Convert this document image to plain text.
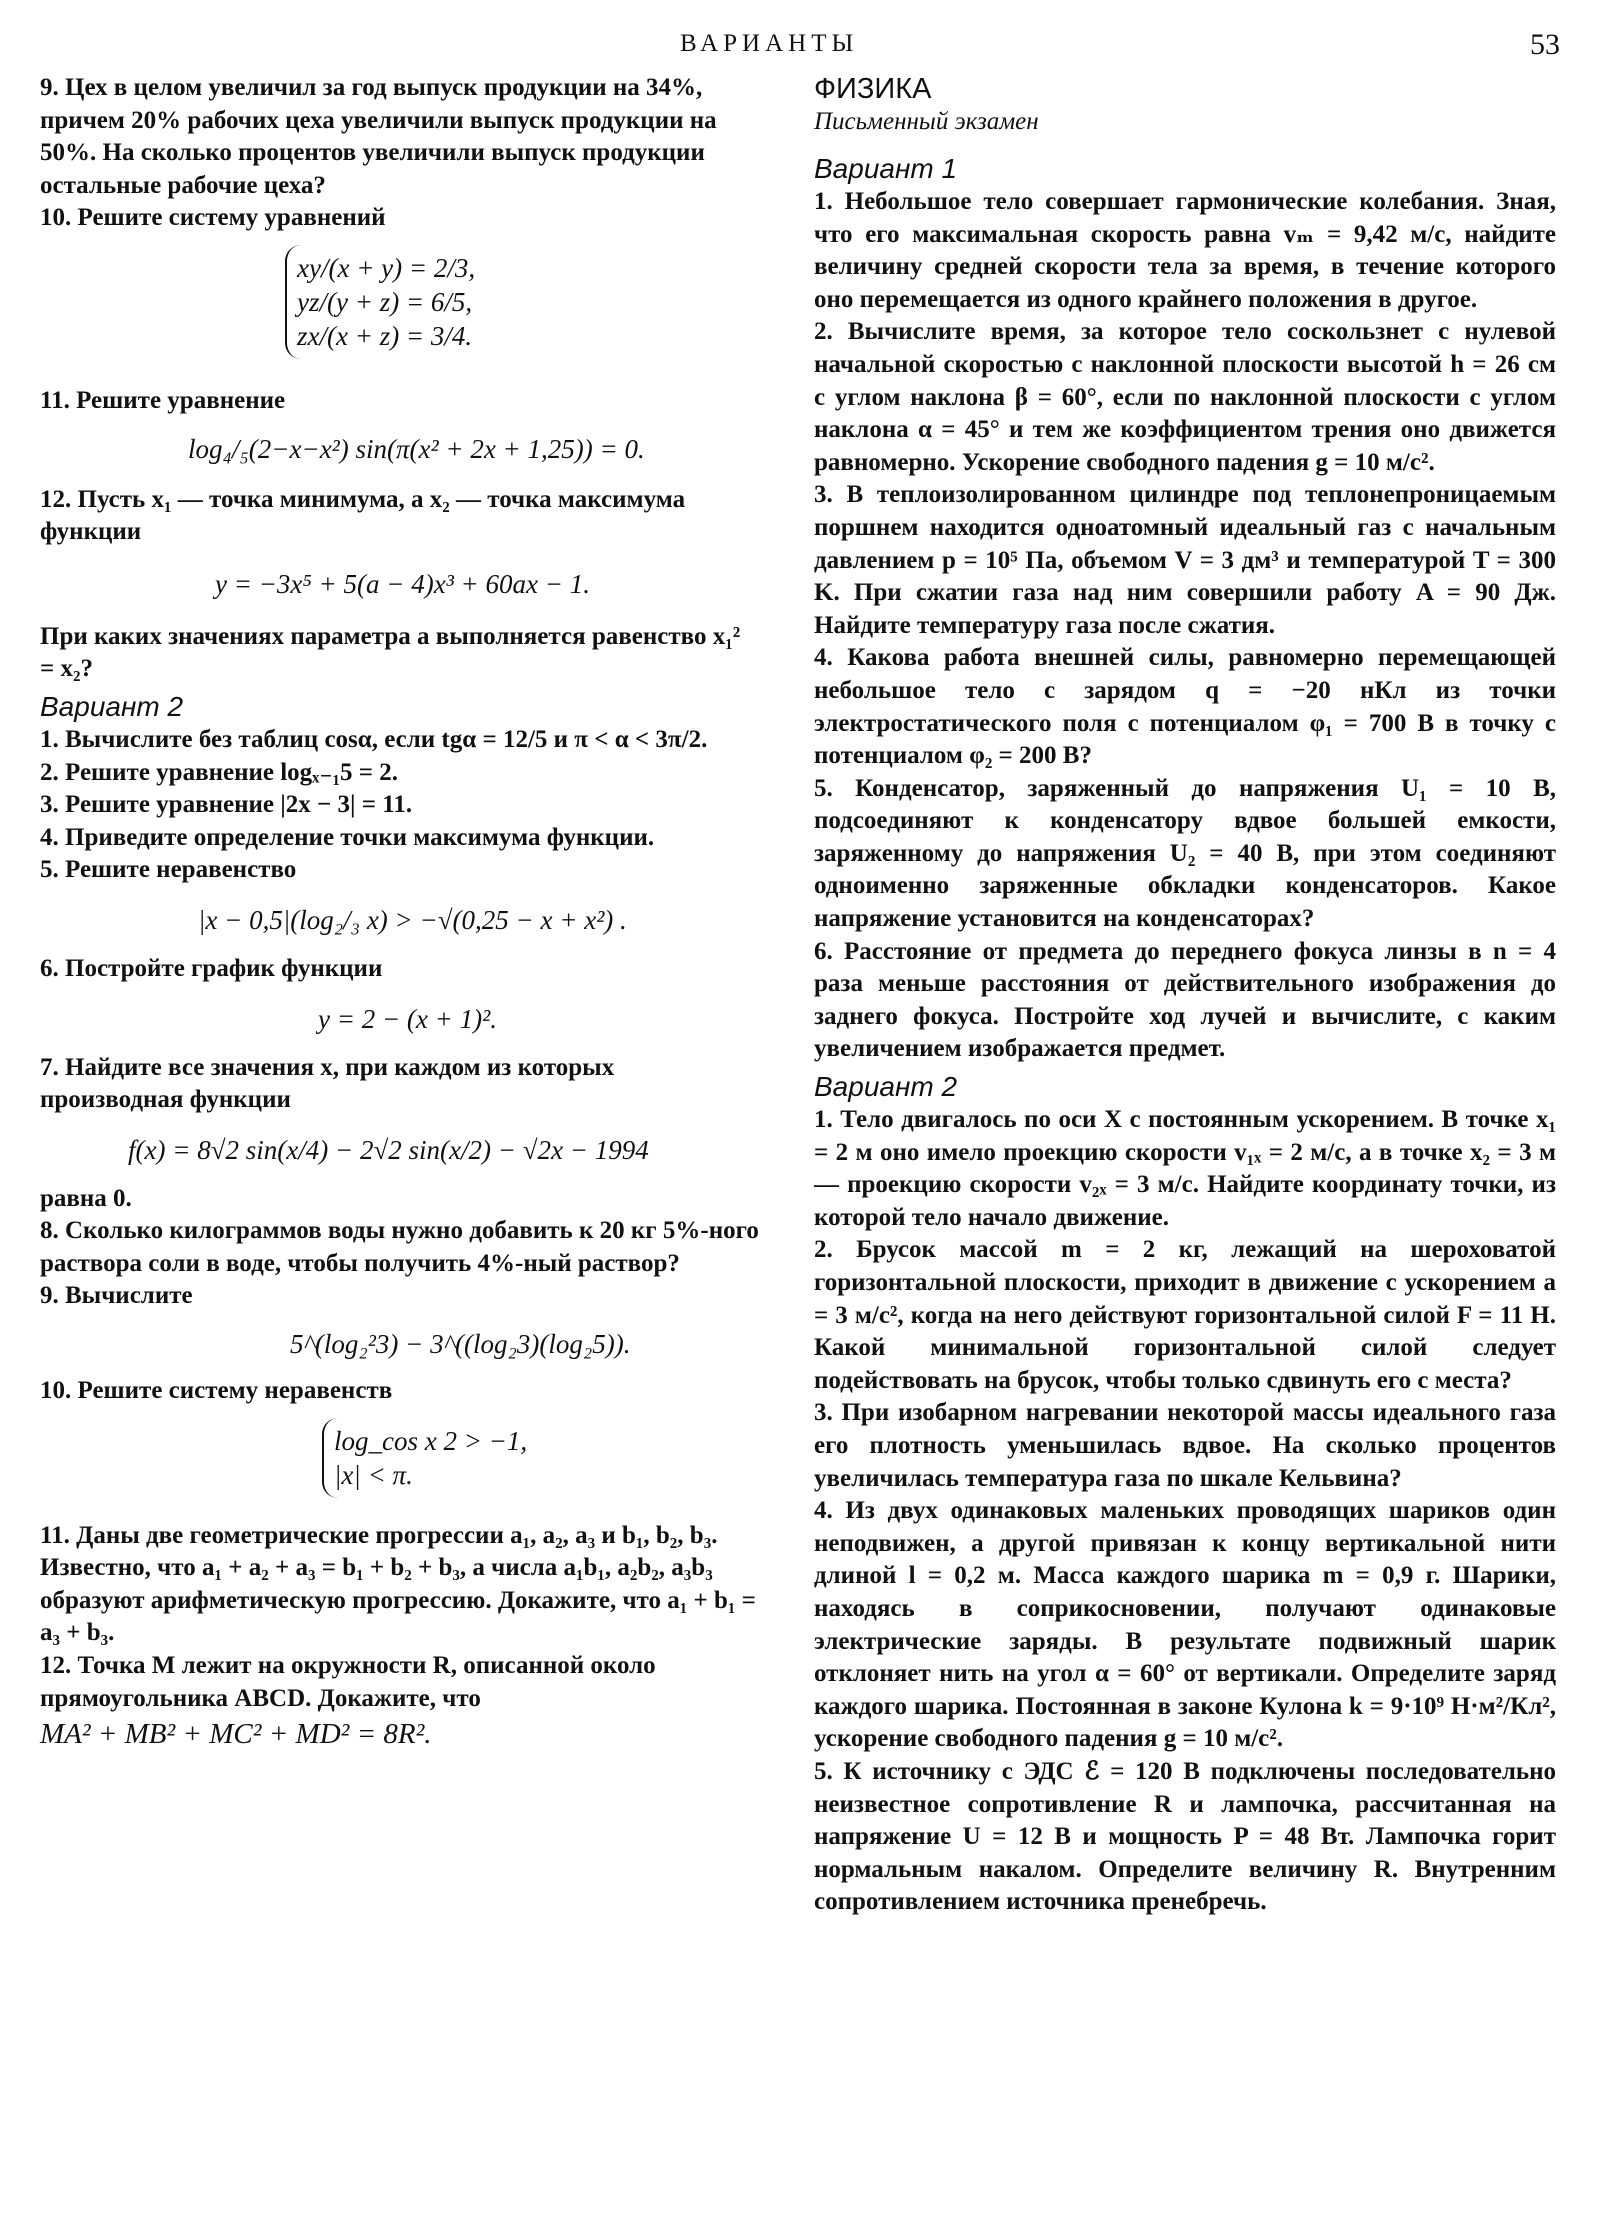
ВАРИАНТЫ	53

9. Цех в целом увеличил за год выпуск продукции на 34%, причем 20% рабочих цеха увеличили выпуск продукции на 50%. На сколько процентов увеличили выпуск продукции остальные рабочие цеха?

10. Решите систему уравнений

xy/(x + y) = 2/3,
yz/(y + z) = 6/5,
zx/(x + z) = 3/4.

11. Решите уравнение

log₄/₅(2−x−x²) sin(π(x² + 2x + 1,25)) = 0.

12. Пусть x₁ — точка минимума, а x₂ — точка максимума функции

y = −3x⁵ + 5(a − 4)x³ + 60ax − 1.

При каких значениях параметра a выполняется равенство x₁² = x₂?

Вариант 2

1. Вычислите без таблиц cosα, если tgα = 12/5 и π < α < 3π/2.

2. Решите уравнение logₓ₋₁5 = 2.

3. Решите уравнение |2x − 3| = 11.

4. Приведите определение точки максимума функции.

5. Решите неравенство

|x − 0,5|(log₂/₃ x) > −√(0,25 − x + x²) .

6. Постройте график функции

y = 2 − (x + 1)².

7. Найдите все значения x, при каждом из которых производная функции

f(x) = 8√2 sin(x/4) − 2√2 sin(x/2) − √2x − 1994

равна 0.

8. Сколько килограммов воды нужно добавить к 20 кг 5%-ного раствора соли в воде, чтобы получить 4%-ный раствор?

9. Вычислите

5^(log₂²3) − 3^((log₂3)(log₂5)).

10. Решите систему неравенств

log_cos x 2 > −1,
|x| < π.

11. Даны две геометрические прогрессии a₁, a₂, a₃ и b₁, b₂, b₃. Известно, что a₁ + a₂ + a₃ = b₁ + b₂ + b₃, а числа a₁b₁, a₂b₂, a₃b₃ образуют арифметическую прогрессию. Докажите, что a₁ + b₁ = a₃ + b₃.

12. Точка M лежит на окружности R, описанной около прямоугольника ABCD. Докажите, что

MA² + MB² + MC² + MD² = 8R².
ФИЗИКА
Письменный экзамен
Вариант 1

1. Небольшое тело совершает гармонические колебания. Зная, что его максимальная скорость равна vₘ = 9,42 м/с, найдите величину средней скорости тела за время, в течение которого оно перемещается из одного крайнего положения в другое.

2. Вычислите время, за которое тело соскользнет с нулевой начальной скоростью с наклонной плоскости высотой h = 26 см с углом наклона β = 60°, если по наклонной плоскости с углом наклона α = 45° и тем же коэффициентом трения оно движется равномерно. Ускорение свободного падения g = 10 м/с².

3. В теплоизолированном цилиндре под теплонепроницаемым поршнем находится одноатомный идеальный газ с начальным давлением p = 10⁵ Па, объемом V = 3 дм³ и температурой T = 300 K. При сжатии газа над ним совершили работу A = 90 Дж. Найдите температуру газа после сжатия.

4. Какова работа внешней силы, равномерно перемещающей небольшое тело с зарядом q = −20 нКл из точки электростатического поля с потенциалом φ₁ = 700 В в точку с потенциалом φ₂ = 200 В?

5. Конденсатор, заряженный до напряжения U₁ = 10 В, подсоединяют к конденсатору вдвое большей емкости, заряженному до напряжения U₂ = 40 В, при этом соединяют одноименно заряженные обкладки конденсаторов. Какое напряжение установится на конденсаторах?

6. Расстояние от предмета до переднего фокуса линзы в n = 4 раза меньше расстояния от действительного изображения до заднего фокуса. Постройте ход лучей и вычислите, с каким увеличением изображается предмет.

Вариант 2

1. Тело двигалось по оси X с постоянным ускорением. В точке x₁ = 2 м оно имело проекцию скорости v₁ₓ = 2 м/с, а в точке x₂ = 3 м — проекцию скорости v₂ₓ = 3 м/с. Найдите координату точки, из которой тело начало движение.

2. Брусок массой m = 2 кг, лежащий на шероховатой горизонтальной плоскости, приходит в движение с ускорением a = 3 м/с², когда на него действуют горизонтальной силой F = 11 Н. Какой минимальной горизонтальной силой следует подействовать на брусок, чтобы только сдвинуть его с места?

3. При изобарном нагревании некоторой массы идеального газа его плотность уменьшилась вдвое. На сколько процентов увеличилась температура газа по шкале Кельвина?

4. Из двух одинаковых маленьких проводящих шариков один неподвижен, а другой привязан к концу вертикальной нити длиной l = 0,2 м. Масса каждого шарика m = 0,9 г. Шарики, находясь в соприкосновении, получают одинаковые электрические заряды. В результате подвижный шарик отклоняет нить на угол α = 60° от вертикали. Определите заряд каждого шарика. Постоянная в законе Кулона k = 9·10⁹ Н·м²/Кл², ускорение свободного падения g = 10 м/с².

5. К источнику с ЭДС ℰ = 120 В подключены последовательно неизвестное сопротивление R и лампочка, рассчитанная на напряжение U = 12 В и мощность P = 48 Вт. Лампочка горит нормальным накалом. Определите величину R. Внутренним сопротивлением источника пренебречь.
